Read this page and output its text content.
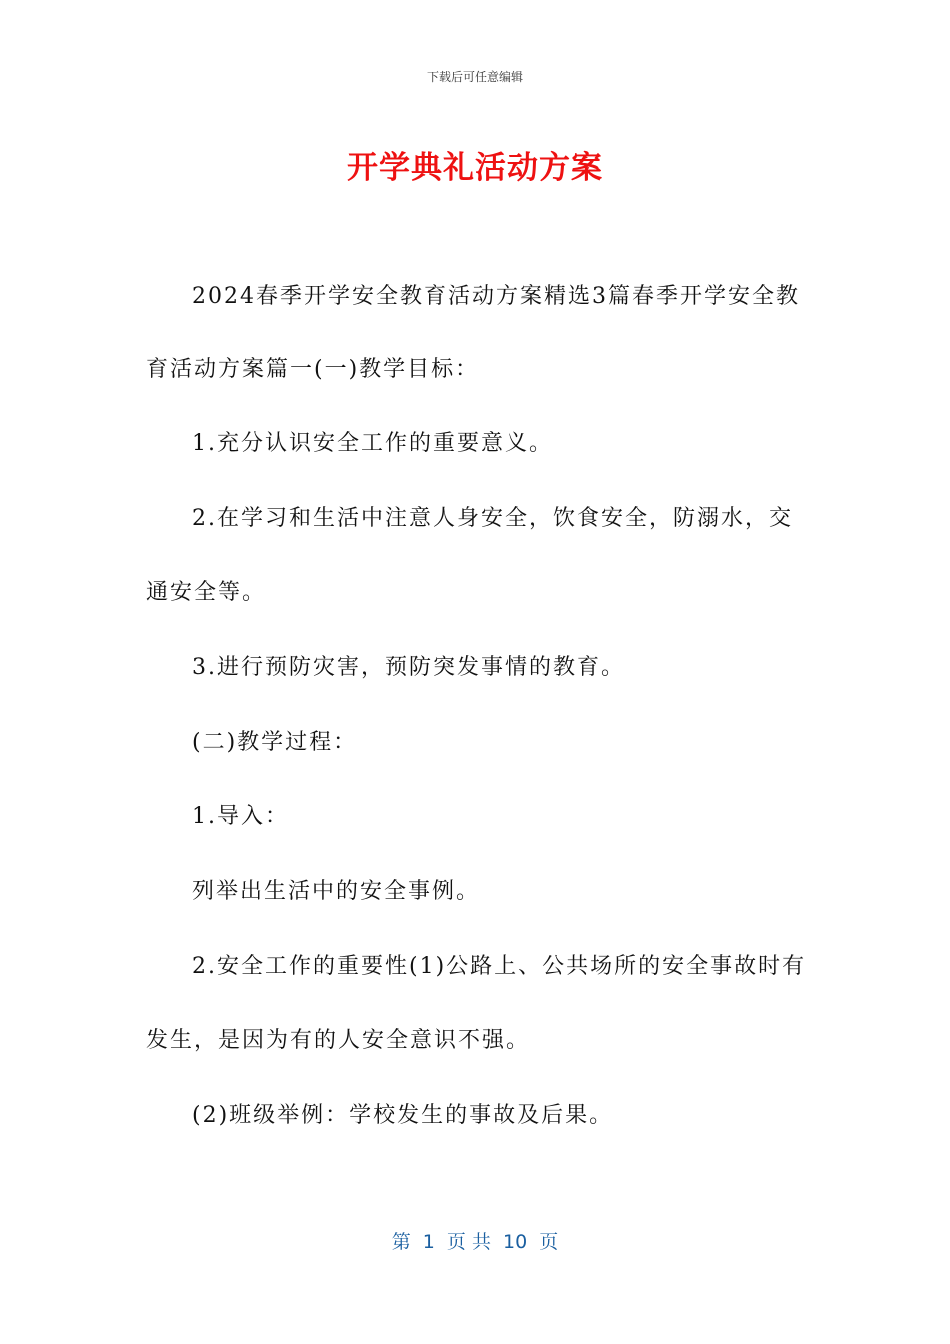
下载后可任意编辑
开学典礼活动方案
2024春季开学安全教育活动方案精选3篇春季开学安全教
育活动方案篇一(一)教学目标：
1.充分认识安全工作的重要意义。
2.在学习和生活中注意人身安全，饮食安全，防溺水，交
通安全等。
3.进行预防灾害，预防突发事情的教育。
(二)教学过程：
1.导入：
列举出生活中的安全事例。
2.安全工作的重要性(1)公路上、公共场所的安全事故时有
发生，是因为有的人安全意识不强。
(2)班级举例：学校发生的事故及后果。
第  1  页 共  10  页
